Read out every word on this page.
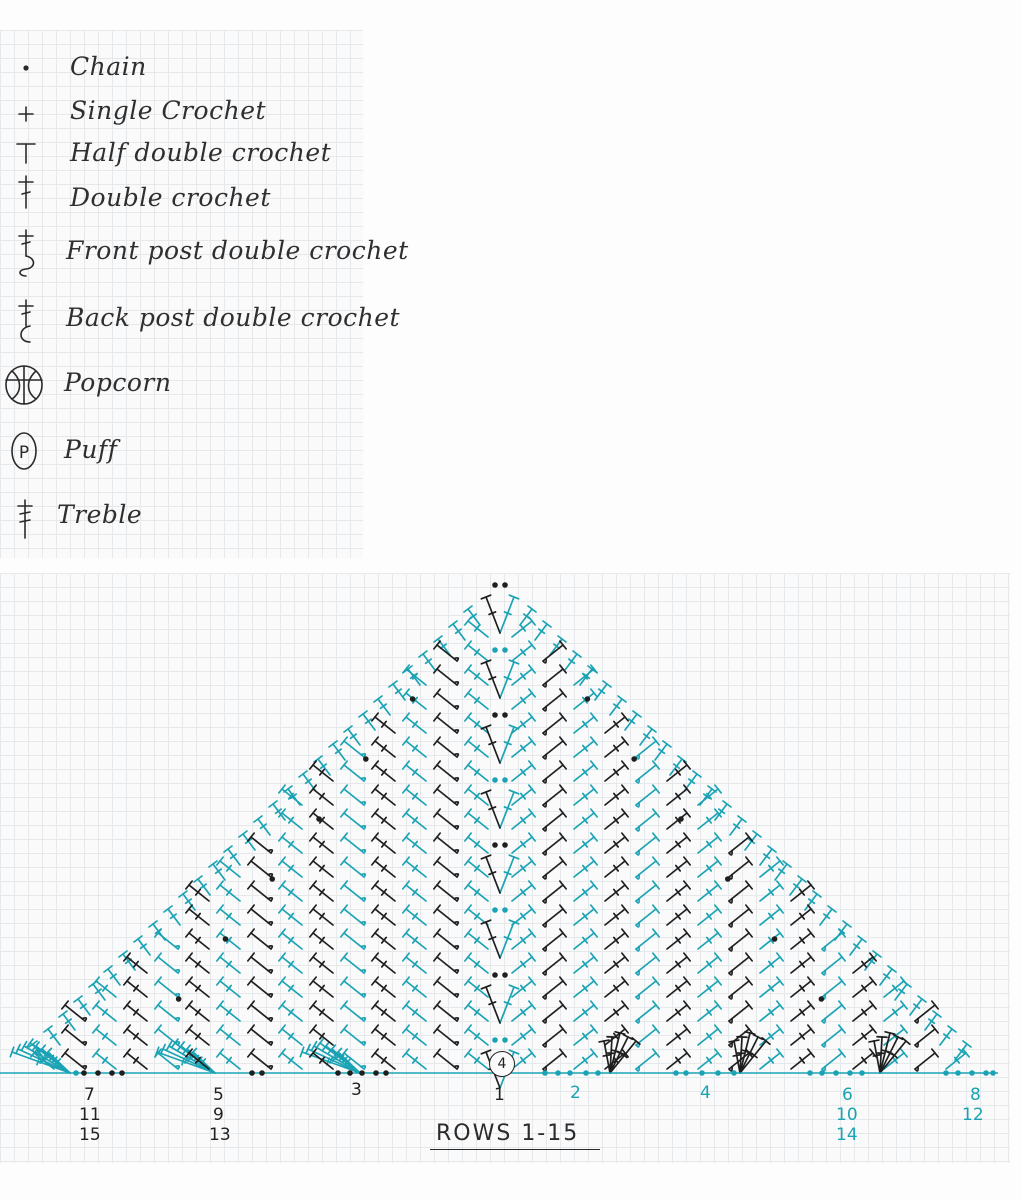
P
Chain
Single Crochet
Half double crochet
Double crochet
Front post double crochet
Back post double crochet
Popcorn
Puff
Treble
4
1
3
5
9
13
7
11
15
2	4	6
10
14
8
12
ROWS 1-15
